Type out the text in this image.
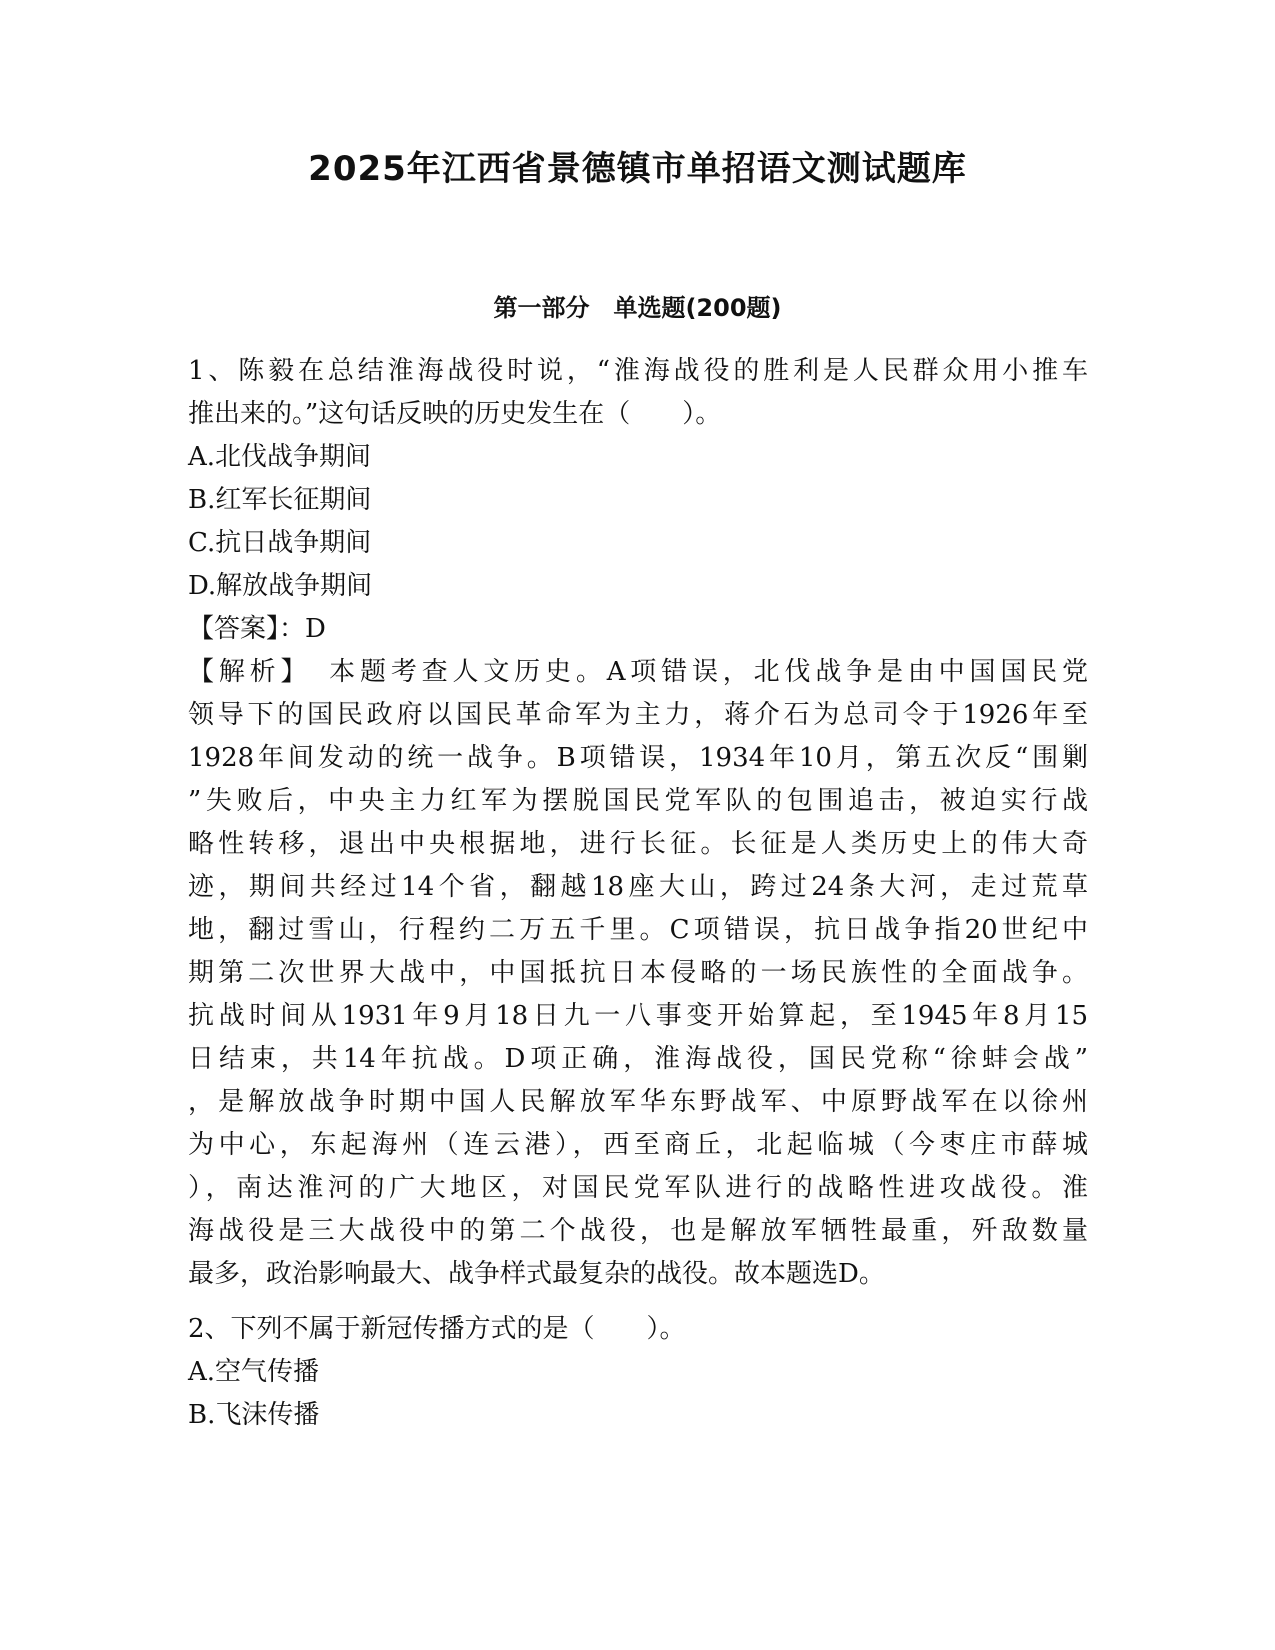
2025年江西省景德镇市单招语文测试题库
第一部分　单选题(200题)
1、陈毅在总结淮海战役时说，“淮海战役的胜利是人民群众用小推车
推出来的。”这句话反映的历史发生在（　　）。
A.北伐战争期间
B.红军长征期间
C.抗日战争期间
D.解放战争期间
【答案】：D
【解析】　本题考查人文历史。A项错误，北伐战争是由中国国民党
领导下的国民政府以国民革命军为主力，蒋介石为总司令于1926年至
1928年间发动的统一战争。B项错误，1934年10月，第五次反“围剿
”失败后，中央主力红军为摆脱国民党军队的包围追击，被迫实行战
略性转移，退出中央根据地，进行长征。长征是人类历史上的伟大奇
迹，期间共经过14个省，翻越18座大山，跨过24条大河，走过荒草
地，翻过雪山，行程约二万五千里。C项错误，抗日战争指20世纪中
期第二次世界大战中，中国抵抗日本侵略的一场民族性的全面战争。
抗战时间从1931年9月18日九一八事变开始算起，至1945年8月15
日结束，共14年抗战。D项正确，淮海战役，国民党称“徐蚌会战”
，是解放战争时期中国人民解放军华东野战军、中原野战军在以徐州
为中心，东起海州（连云港），西至商丘，北起临城（今枣庄市薛城
），南达淮河的广大地区，对国民党军队进行的战略性进攻战役。淮
海战役是三大战役中的第二个战役，也是解放军牺牲最重，歼敌数量
最多，政治影响最大、战争样式最复杂的战役。故本题选D。
2、下列不属于新冠传播方式的是（　　）。
A.空气传播
B.飞沫传播
